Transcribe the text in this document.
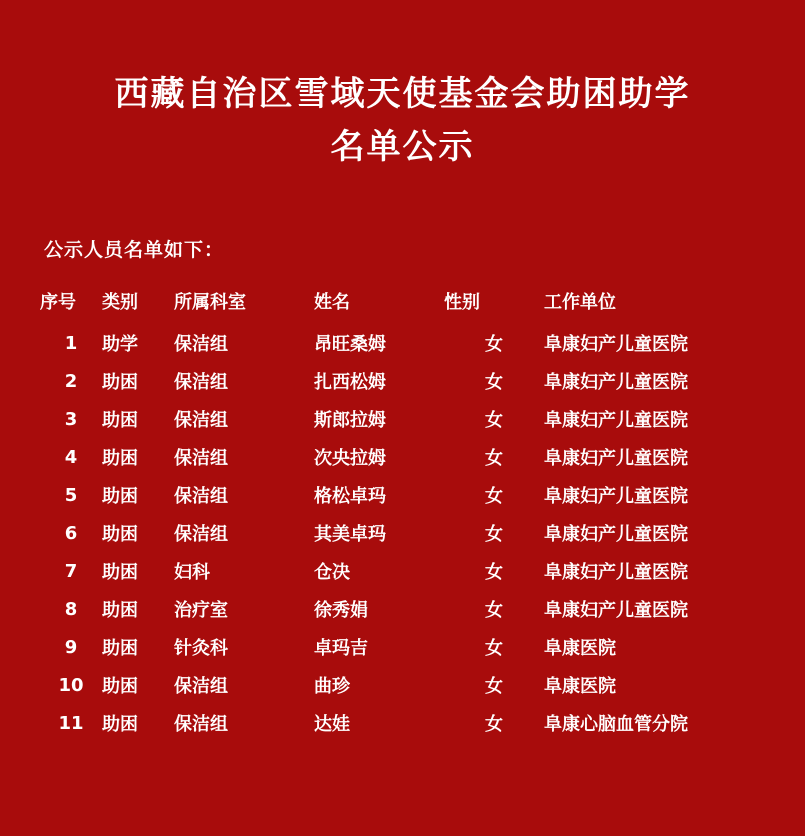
西藏自治区雪域天使基金会助困助学
名单公示
公示人员名单如下：
序号	类别	所属科室	姓名	性别	工作单位
1	助学	保洁组	昂旺桑姆	女	阜康妇产儿童医院
2	助困	保洁组	扎西松姆	女	阜康妇产儿童医院
3	助困	保洁组	斯郎拉姆	女	阜康妇产儿童医院
4	助困	保洁组	次央拉姆	女	阜康妇产儿童医院
5	助困	保洁组	格松卓玛	女	阜康妇产儿童医院
6	助困	保洁组	其美卓玛	女	阜康妇产儿童医院
7	助困	妇科	仓决	女	阜康妇产儿童医院
8	助困	治疗室	徐秀娟	女	阜康妇产儿童医院
9	助困	针灸科	卓玛吉	女	阜康医院
10	助困	保洁组	曲珍	女	阜康医院
11	助困	保洁组	达娃	女	阜康心脑血管分院
